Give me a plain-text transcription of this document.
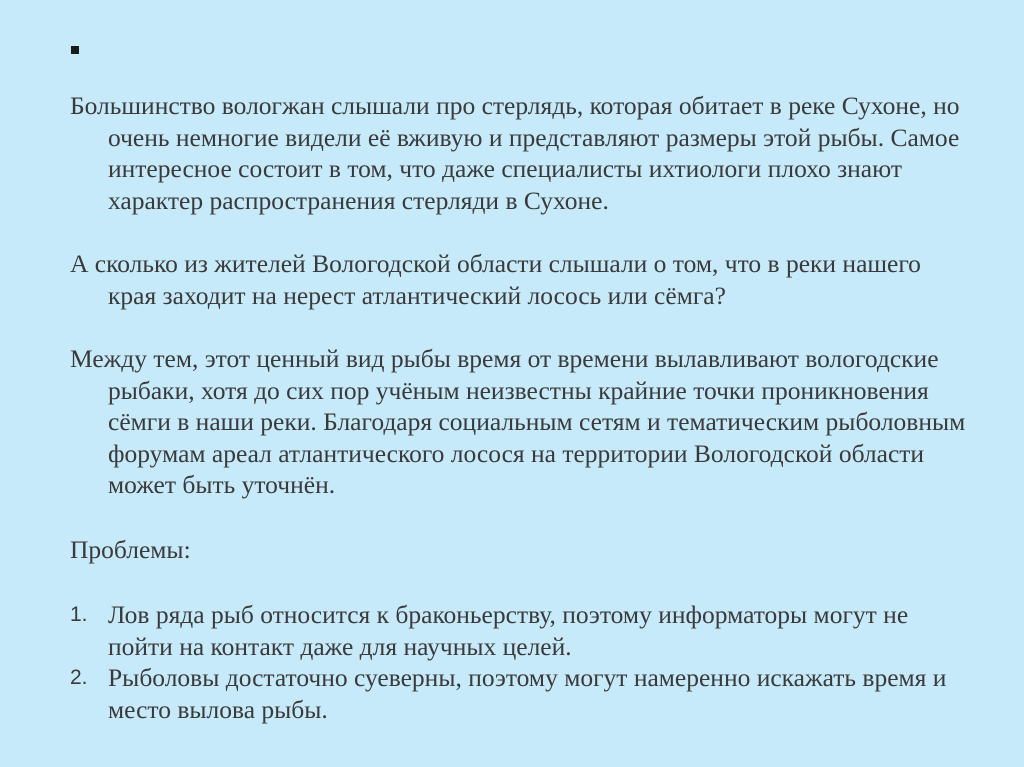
Большинство вологжан слышали про стерлядь, которая обитает в реке Сухоне, но очень немногие видели её вживую и представляют размеры этой рыбы. Самое интересное состоит в том, что даже специалисты ихтиологи плохо знают характер распространения стерляди в Сухоне.

А сколько из жителей Вологодской области слышали о том, что в реки нашего края заходит на нерест атлантический лосось или сёмга?

Между тем, этот ценный вид рыбы время от времени вылавливают вологодские рыбаки, хотя до сих пор учёным неизвестны крайние точки проникновения сёмги в наши реки. Благодаря социальным сетям и тематическим рыболовным форумам ареал атлантического лосося на территории Вологодской области может быть уточнён.

Проблемы:

1. Лов ряда рыб относится к браконьерству, поэтому информаторы могут не пойти на контакт даже для научных целей.
2. Рыболовы достаточно суеверны, поэтому могут намеренно искажать время и место вылова рыбы.
